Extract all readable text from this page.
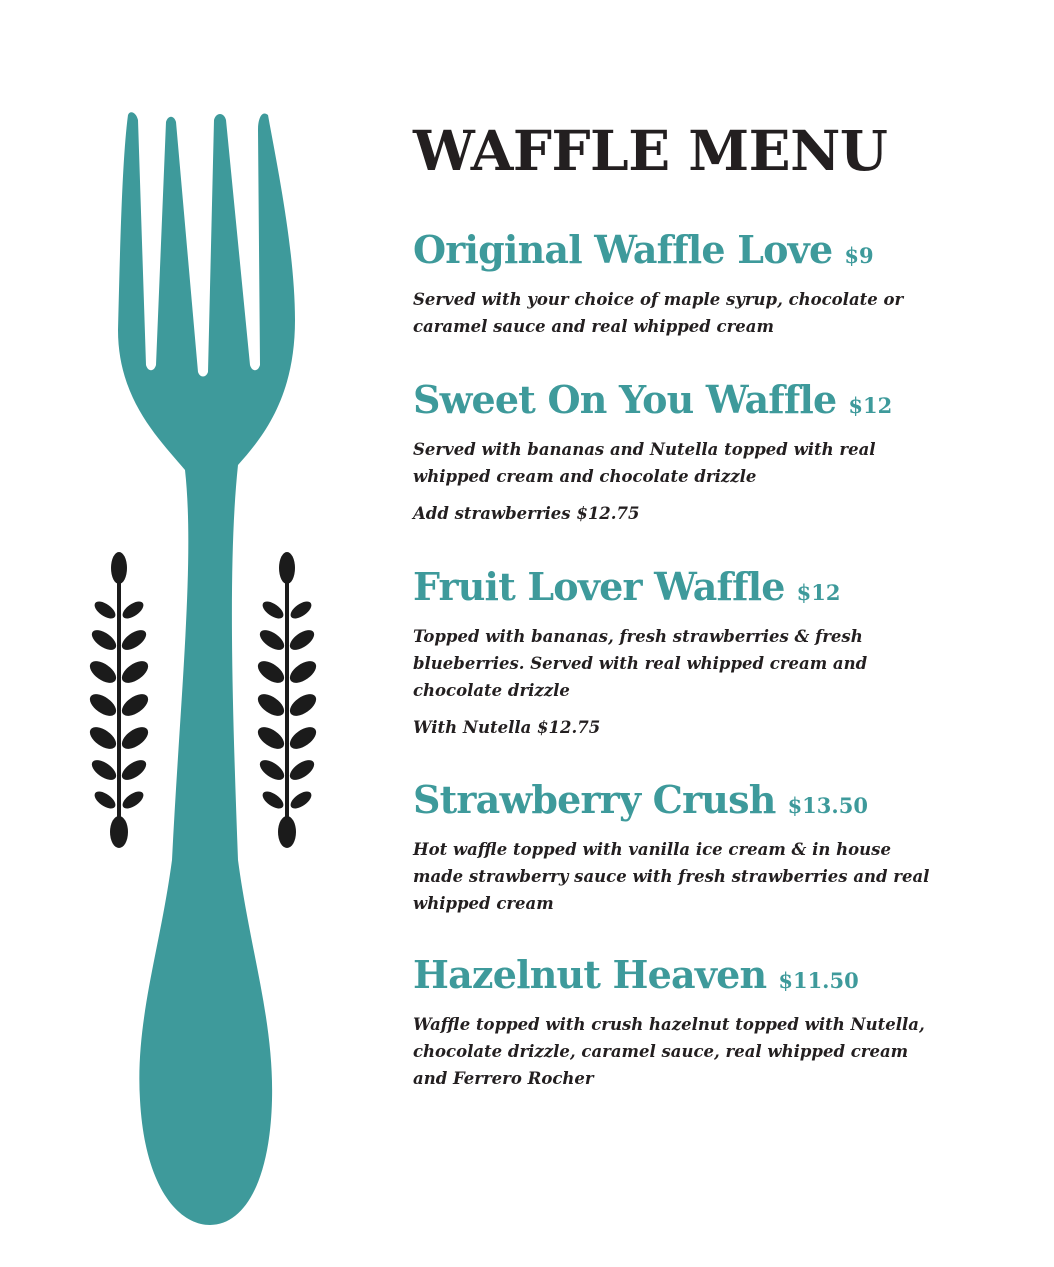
WAFFLE MENU
Original Waffle Love $9

Served with your choice of maple syrup, chocolate or caramel sauce and real whipped cream

Sweet On You Waffle $12

Served with bananas and Nutella topped with real whipped cream and chocolate drizzle

Add strawberries $12.75

Fruit Lover Waffle $12

Topped with bananas, fresh strawberries & fresh blueberries. Served with real whipped cream and chocolate drizzle

With Nutella $12.75

Strawberry Crush $13.50

Hot waffle topped with vanilla ice cream & in house made strawberry sauce with fresh strawberries and real whipped cream

Hazelnut Heaven $11.50

Waffle topped with crush hazelnut topped with Nutella, chocolate drizzle, caramel sauce, real whipped cream and Ferrero Rocher
